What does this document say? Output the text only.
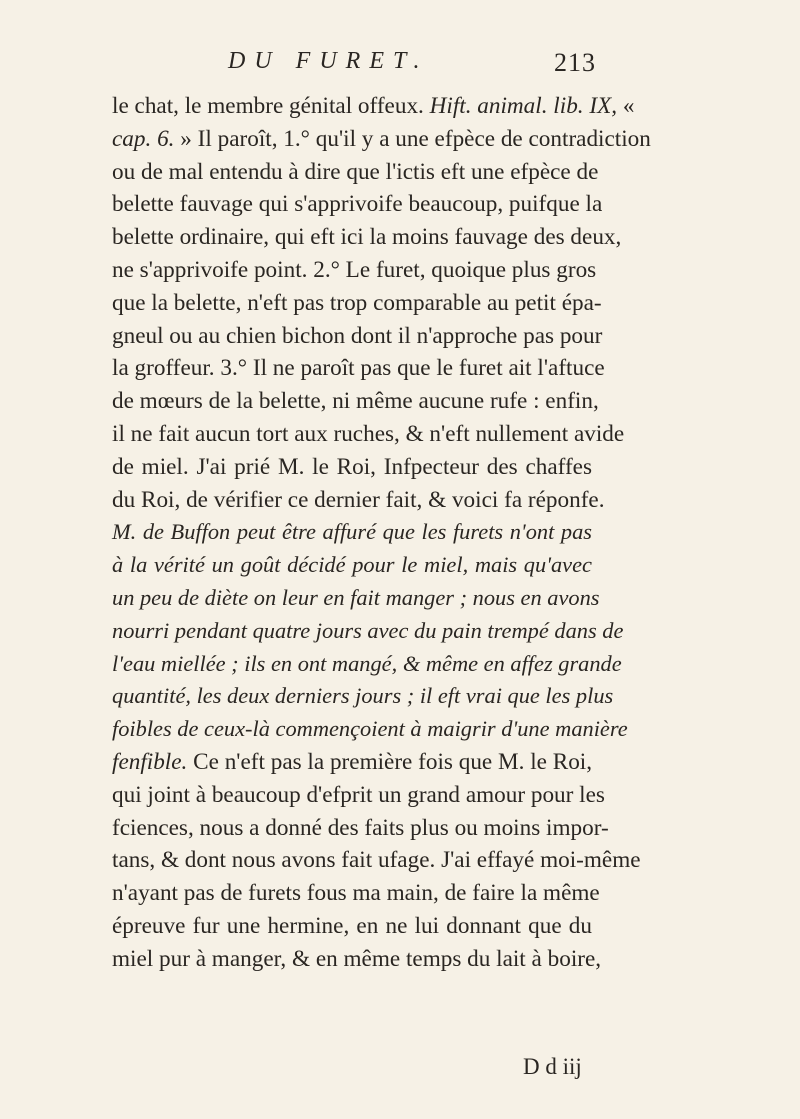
DU FURET.	213
le chat, le membre génital offeux. Hift. animal. lib. IX, «
cap. 6. » Il paroît, 1.° qu'il y a une efpèce de contradiction
ou de mal entendu à dire que l'ictis eft une efpèce de
belette fauvage qui s'apprivoife beaucoup, puifque la
belette ordinaire, qui eft ici la moins fauvage des deux,
ne s'apprivoife point. 2.° Le furet, quoique plus gros
que la belette, n'eft pas trop comparable au petit épa-
gneul ou au chien bichon dont il n'approche pas pour
la groffeur. 3.° Il ne paroît pas que le furet ait l'aftuce
de mœurs de la belette, ni même aucune rufe : enfin,
il ne fait aucun tort aux ruches, & n'eft nullement avide
de miel. J'ai prié M. le Roi, Infpecteur des chaffes
du Roi, de vérifier ce dernier fait, & voici fa réponfe.
M. de Buffon peut être affuré que les furets n'ont pas
à la vérité un goût décidé pour le miel, mais qu'avec
un peu de diète on leur en fait manger ; nous en avons
nourri pendant quatre jours avec du pain trempé dans de
l'eau miellée ; ils en ont mangé, & même en affez grande
quantité, les deux derniers jours ; il eft vrai que les plus
foibles de ceux-là commençoient à maigrir d'une manière
fenfible. Ce n'eft pas la première fois que M. le Roi,
qui joint à beaucoup d'efprit un grand amour pour les
fciences, nous a donné des faits plus ou moins impor-
tans, & dont nous avons fait ufage. J'ai effayé moi-même
n'ayant pas de furets fous ma main, de faire la même
épreuve fur une hermine, en ne lui donnant que du
miel pur à manger, & en même temps du lait à boire,
D d iij
